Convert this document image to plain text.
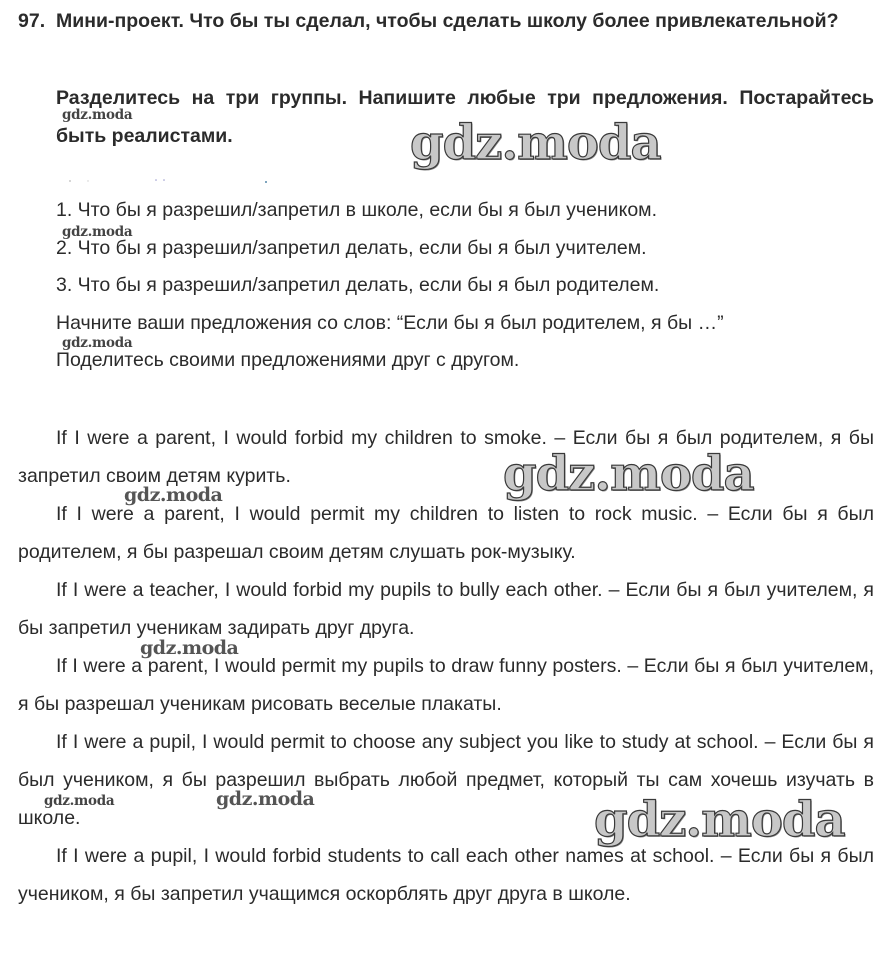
97. Мини-проект. Что бы ты сделал, чтобы сделать школу более привлекательной?
Разделитесь на три группы. Напишите любые три предложения. Постарайтесь быть реалистами.

1. Что бы я разрешил/запретил в школе, если бы я был учеником.

2. Что бы я разрешил/запретил делать, если бы я был учителем.

3. Что бы я разрешил/запретил делать, если бы я был родителем.

Начните ваши предложения со слов: “Если бы я был родителем, я бы …”

Поделитесь своими предложениями друг с другом.

If I were a parent, I would forbid my children to smoke. – Если бы я был родителем, я бы запретил своим детям курить.

If I were a parent, I would permit my children to listen to rock music. – Если бы я был родителем, я бы разрешал своим детям слушать рок-музыку.

If I were a teacher, I would forbid my pupils to bully each other. – Если бы я был учителем, я бы запретил ученикам задирать друг друга.

If I were a parent, I would permit my pupils to draw funny posters. – Если бы я был учителем, я бы разрешал ученикам рисовать веселые плакаты.

If I were a pupil, I would permit to choose any subject you like to study at school. – Если бы я был учеником, я бы разрешил выбрать любой предмет, который ты сам хочешь изучать в школе.

If I were a pupil, I would forbid students to call each other names at school. – Если бы я был учеником, я бы запретил учащимся оскорблять друг друга в школе.

gdz.moda	gdz.moda
gdz.moda
gdz.moda
gdz.moda
gdz.moda
gdz.moda
gdz.moda	gdz.moda	gdz.moda
